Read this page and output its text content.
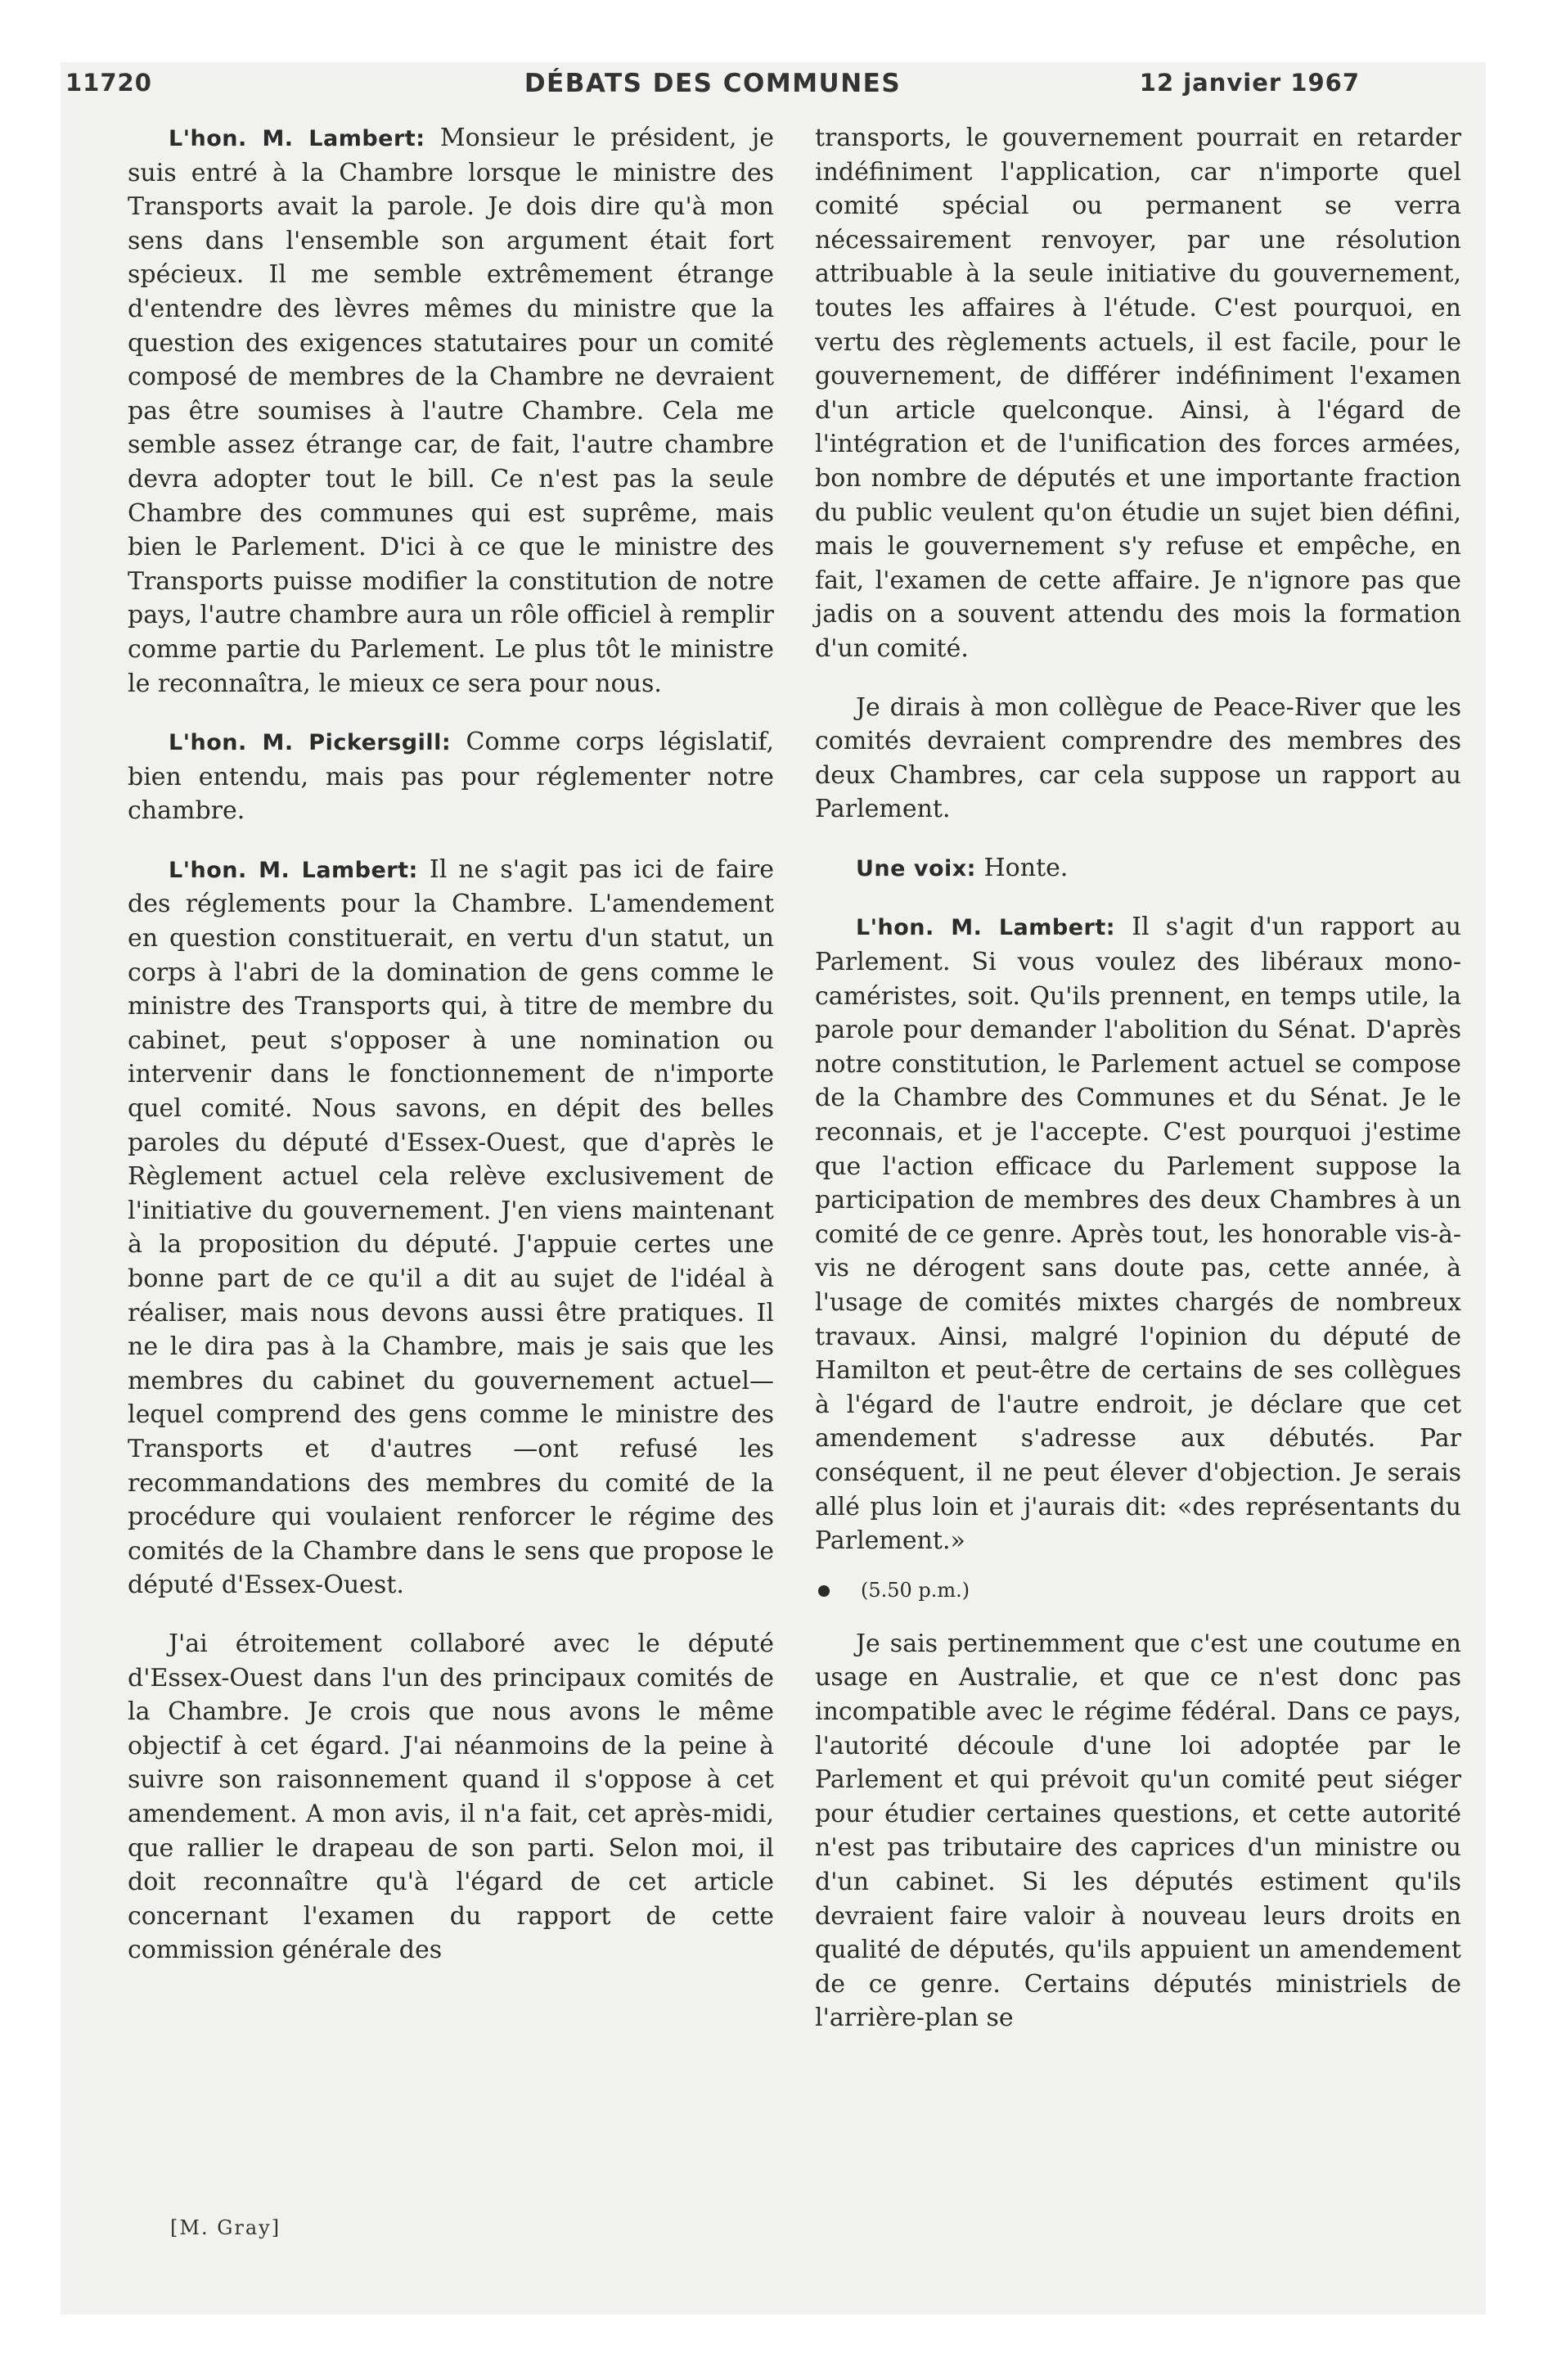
11720	DÉBATS DES COMMUNES	12 janvier 1967

L'hon. M. Lambert: Monsieur le président, je suis entré à la Chambre lorsque le ministre des Transports avait la parole. Je dois dire qu'à mon sens dans l'ensemble son argument était fort spécieux. Il me semble extrêmement étrange d'entendre des lèvres mêmes du ministre que la question des exigences statutaires pour un comité composé de membres de la Chambre ne devraient pas être soumises à l'autre Chambre. Cela me semble assez étrange car, de fait, l'autre chambre devra adopter tout le bill. Ce n'est pas la seule Chambre des communes qui est suprême, mais bien le Parlement. D'ici à ce que le ministre des Transports puisse modifier la constitution de notre pays, l'autre chambre aura un rôle officiel à remplir comme partie du Parlement. Le plus tôt le ministre le reconnaîtra, le mieux ce sera pour nous.

L'hon. M. Pickersgill: Comme corps législatif, bien entendu, mais pas pour réglementer notre chambre.

L'hon. M. Lambert: Il ne s'agit pas ici de faire des réglements pour la Chambre. L'amendement en question constituerait, en vertu d'un statut, un corps à l'abri de la domination de gens comme le ministre des Transports qui, à titre de membre du cabinet, peut s'opposer à une nomination ou intervenir dans le fonctionnement de n'importe quel comité. Nous savons, en dépit des belles paroles du député d'Essex-Ouest, que d'après le Règlement actuel cela relève exclusivement de l'initiative du gouvernement. J'en viens maintenant à la proposition du député. J'appuie certes une bonne part de ce qu'il a dit au sujet de l'idéal à réaliser, mais nous devons aussi être pratiques. Il ne le dira pas à la Chambre, mais je sais que les membres du cabinet du gouvernement actuel—lequel comprend des gens comme le ministre des Transports et d'autres —ont refusé les recommandations des membres du comité de la procédure qui voulaient renforcer le régime des comités de la Chambre dans le sens que propose le député d'Essex-Ouest.

J'ai étroitement collaboré avec le député d'Essex-Ouest dans l'un des principaux comités de la Chambre. Je crois que nous avons le même objectif à cet égard. J'ai néanmoins de la peine à suivre son raisonnement quand il s'oppose à cet amendement. A mon avis, il n'a fait, cet après-midi, que rallier le drapeau de son parti. Selon moi, il doit reconnaître qu'à l'égard de cet article concernant l'examen du rapport de cette commission générale des

[M. Gray]

transports, le gouvernement pourrait en retarder indéfiniment l'application, car n'importe quel comité spécial ou permanent se verra nécessairement renvoyer, par une résolution attribuable à la seule initiative du gouvernement, toutes les affaires à l'étude. C'est pourquoi, en vertu des règlements actuels, il est facile, pour le gouvernement, de différer indéfiniment l'examen d'un article quelconque. Ainsi, à l'égard de l'intégration et de l'unification des forces armées, bon nombre de députés et une importante fraction du public veulent qu'on étudie un sujet bien défini, mais le gouvernement s'y refuse et empêche, en fait, l'examen de cette affaire. Je n'ignore pas que jadis on a souvent attendu des mois la formation d'un comité.

Je dirais à mon collègue de Peace-River que les comités devraient comprendre des membres des deux Chambres, car cela suppose un rapport au Parlement.

Une voix: Honte.

L'hon. M. Lambert: Il s'agit d'un rapport au Parlement. Si vous voulez des libéraux monocaméristes, soit. Qu'ils prennent, en temps utile, la parole pour demander l'abolition du Sénat. D'après notre constitution, le Parlement actuel se compose de la Chambre des Communes et du Sénat. Je le reconnais, et je l'accepte. C'est pourquoi j'estime que l'action efficace du Parlement suppose la participation de membres des deux Chambres à un comité de ce genre. Après tout, les honorable vis-à-vis ne dérogent sans doute pas, cette année, à l'usage de comités mixtes chargés de nombreux travaux. Ainsi, malgré l'opinion du député de Hamilton et peut-être de certains de ses collègues à l'égard de l'autre endroit, je déclare que cet amendement s'adresse aux débutés. Par conséquent, il ne peut élever d'objection. Je serais allé plus loin et j'aurais dit: «des représentants du Parlement.»

(5.50 p.m.)

Je sais pertinemment que c'est une coutume en usage en Australie, et que ce n'est donc pas incompatible avec le régime fédéral. Dans ce pays, l'autorité découle d'une loi adoptée par le Parlement et qui prévoit qu'un comité peut siéger pour étudier certaines questions, et cette autorité n'est pas tributaire des caprices d'un ministre ou d'un cabinet. Si les députés estiment qu'ils devraient faire valoir à nouveau leurs droits en qualité de députés, qu'ils appuient un amendement de ce genre. Certains députés ministriels de l'arrière-plan se
